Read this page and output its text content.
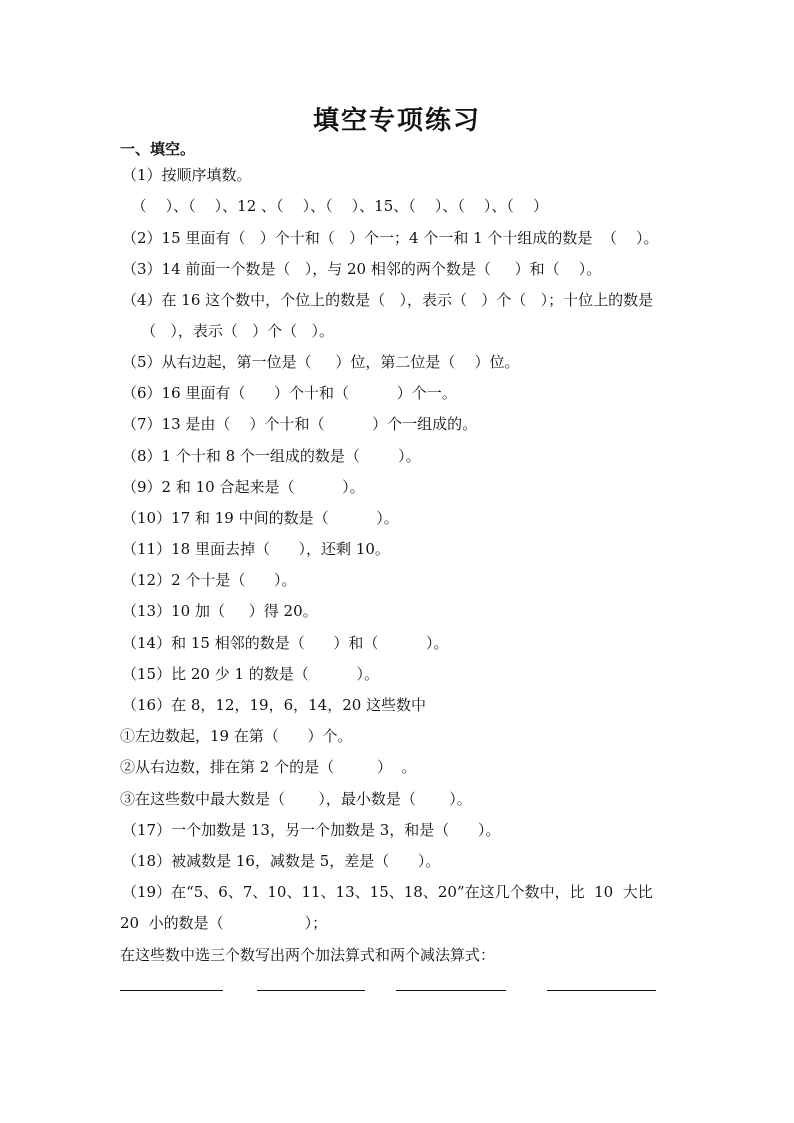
填空专项练习
一、填空。
（1）按顺序填数。
（    ）、（    ）、12 、（    ）、（    ）、15、（    ）、（    ）、（    ）
（2）15 里面有（   ）个十和（   ）个一；4 个一和 1 个十组成的数是  （    ）。
（3）14 前面一个数是（   ），与 20 相邻的两个数是（     ）和（    ）。
（4）在 16 这个数中，个位上的数是（   ），表示（   ）个（   ）；十位上的数是
（   ），表示（   ）个（   ）。
（5）从右边起，第一位是（     ）位，第二位是（    ）位。
（6）16 里面有（      ）个十和（          ）个一。
（7）13 是由（    ）个十和（          ）个一组成的。
（8）1 个十和 8 个一组成的数是（        ）。
（9）2 和 10 合起来是（          ）。
（10）17 和 19 中间的数是（          ）。
（11）18 里面去掉（      ），还剩 10。
（12）2 个十是（      ）。
（13）10 加（     ）得 20。
（14）和 15 相邻的数是（      ）和（          ）。
（15）比 20 少 1 的数是（          ）。
（16）在 8，12，19，6，14，20 这些数中
①左边数起，19 在第（      ）个。
②从右边数，排在第 2 个的是（         ）  。
③在这些数中最大数是（       ），最小数是（       ）。
（17）一个加数是 13，另一个加数是 3，和是（      ）。
（18）被减数是 16，减数是 5，差是（      ）。
（19）在“5、6、7、10、11、13、15、18、20”在这几个数中，比  10  大比
20  小的数是（                 ）；
在这些数中选三个数写出两个加法算式和两个减法算式：
